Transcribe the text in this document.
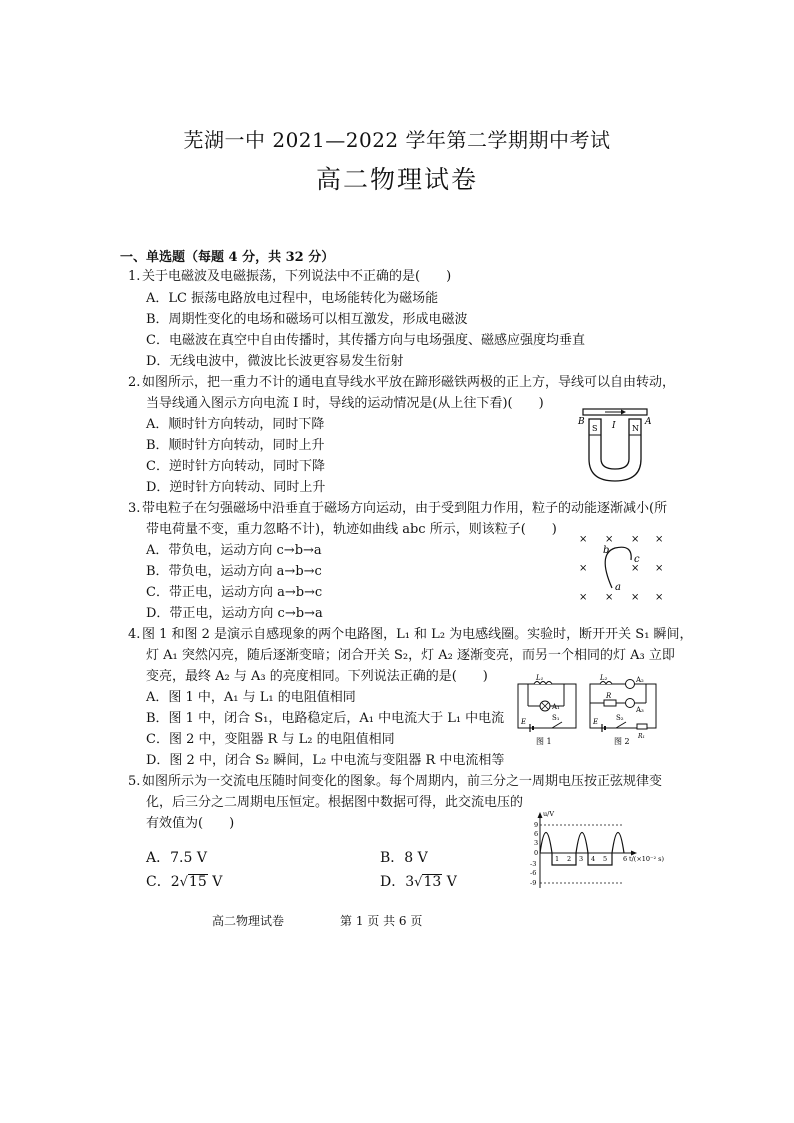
芜湖一中 2021—2022 学年第二学期期中考试
高二物理试卷
一、单选题（每题 4 分，共 32 分）
1. 关于电磁波及电磁振荡，下列说法中不正确的是(　　)
A．LC 振荡电路放电过程中，电场能转化为磁场能
B．周期性变化的电场和磁场可以相互激发，形成电磁波
C．电磁波在真空中自由传播时，其传播方向与电场强度、磁感应强度均垂直
D．无线电波中，微波比长波更容易发生衍射
2. 如图所示，把一重力不计的通电直导线水平放在蹄形磁铁两极的正上方，导线可以自由转动，
当导线通入图示方向电流 I 时，导线的运动情况是(从上往下看)(　　)
A．顺时针方向转动，同时下降
B．顺时针方向转动，同时上升
C．逆时针方向转动，同时下降
D．逆时针方向转动、同时上升
B	A
I
S	N
3. 带电粒子在匀强磁场中沿垂直于磁场方向运动，由于受到阻力作用，粒子的动能逐渐减小(所
带电荷量不变，重力忽略不计)，轨迹如曲线 abc 所示，则该粒子(　　)
A．带负电，运动方向 c→b→a
B．带负电，运动方向 a→b→c
C．带正电，运动方向 a→b→c
D．带正电，运动方向 c→b→a
× × × ×
×	× ×
× × × ×
a
b
c
4. 图 1 和图 2 是演示自感现象的两个电路图，L₁ 和 L₂ 为电感线圈。实验时，断开开关 S₁ 瞬间，
灯 A₁ 突然闪亮，随后逐渐变暗；闭合开关 S₂，灯 A₂ 逐渐变亮，而另一个相同的灯 A₃ 立即
变亮，最终 A₂ 与 A₃ 的亮度相同。下列说法正确的是(　　)
A．图 1 中，A₁ 与 L₁ 的电阻值相同
B．图 1 中，闭合 S₁，电路稳定后，A₁ 中电流大于 L₁ 中电流
C．图 2 中，变阻器 R 与 L₂ 的电阻值相同
D．图 2 中，闭合 S₂ 瞬间，L₂ 中电流与变阻器 R 中电流相等
L₁
A₁
E	S₁
图 1
L₂	A₂
R
A₃
E	S₂
R₁
图 2
5. 如图所示为一交流电压随时间变化的图象。每个周期内，前三分之一周期电压按正弦规律变
化，后三分之二周期电压恒定。根据图中数据可得，此交流电压的
有效值为(　　)
A．7.5 V	B．8 V
C．2√15 V	D．3√13 V
u/V
9
6
3
0
-3
-6
-9
1 2 3 4 5 6 t/(×10⁻² s)
高二物理试卷	第 1 页 共 6 页
